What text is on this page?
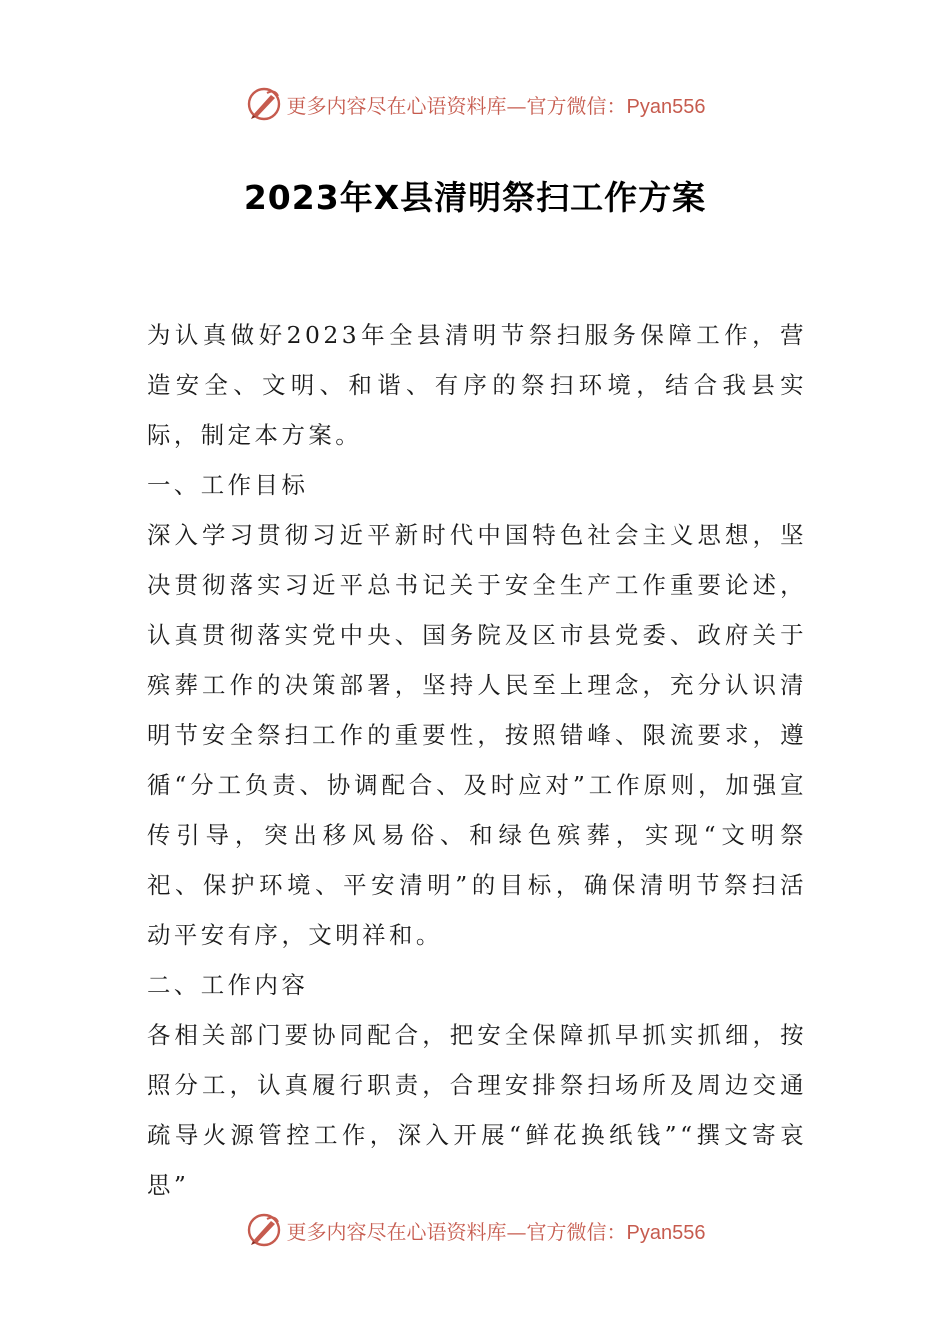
更多内容尽在心语资料库—官方微信：Pyan556
2023年X县清明祭扫工作方案

为认真做好2023年全县清明节祭扫服务保障工作，营造安全、文明、和谐、有序的祭扫环境，结合我县实际，制定本方案。

一、工作目标

深入学习贯彻习近平新时代中国特色社会主义思想，坚决贯彻落实习近平总书记关于安全生产工作重要论述，认真贯彻落实党中央、国务院及区市县党委、政府关于殡葬工作的决策部署，坚持人民至上理念，充分认识清明节安全祭扫工作的重要性，按照错峰、限流要求，遵循“分工负责、协调配合、及时应对”工作原则，加强宣传引导，突出移风易俗、和绿色殡葬，实现“文明祭祀、保护环境、平安清明”的目标，确保清明节祭扫活动平安有序，文明祥和。

二、工作内容

各相关部门要协同配合，把安全保障抓早抓实抓细，按照分工，认真履行职责，合理安排祭扫场所及周边交通疏导火源管控工作，深入开展“鲜花换纸钱”“撰文寄哀思”

更多内容尽在心语资料库—官方微信：Pyan556
